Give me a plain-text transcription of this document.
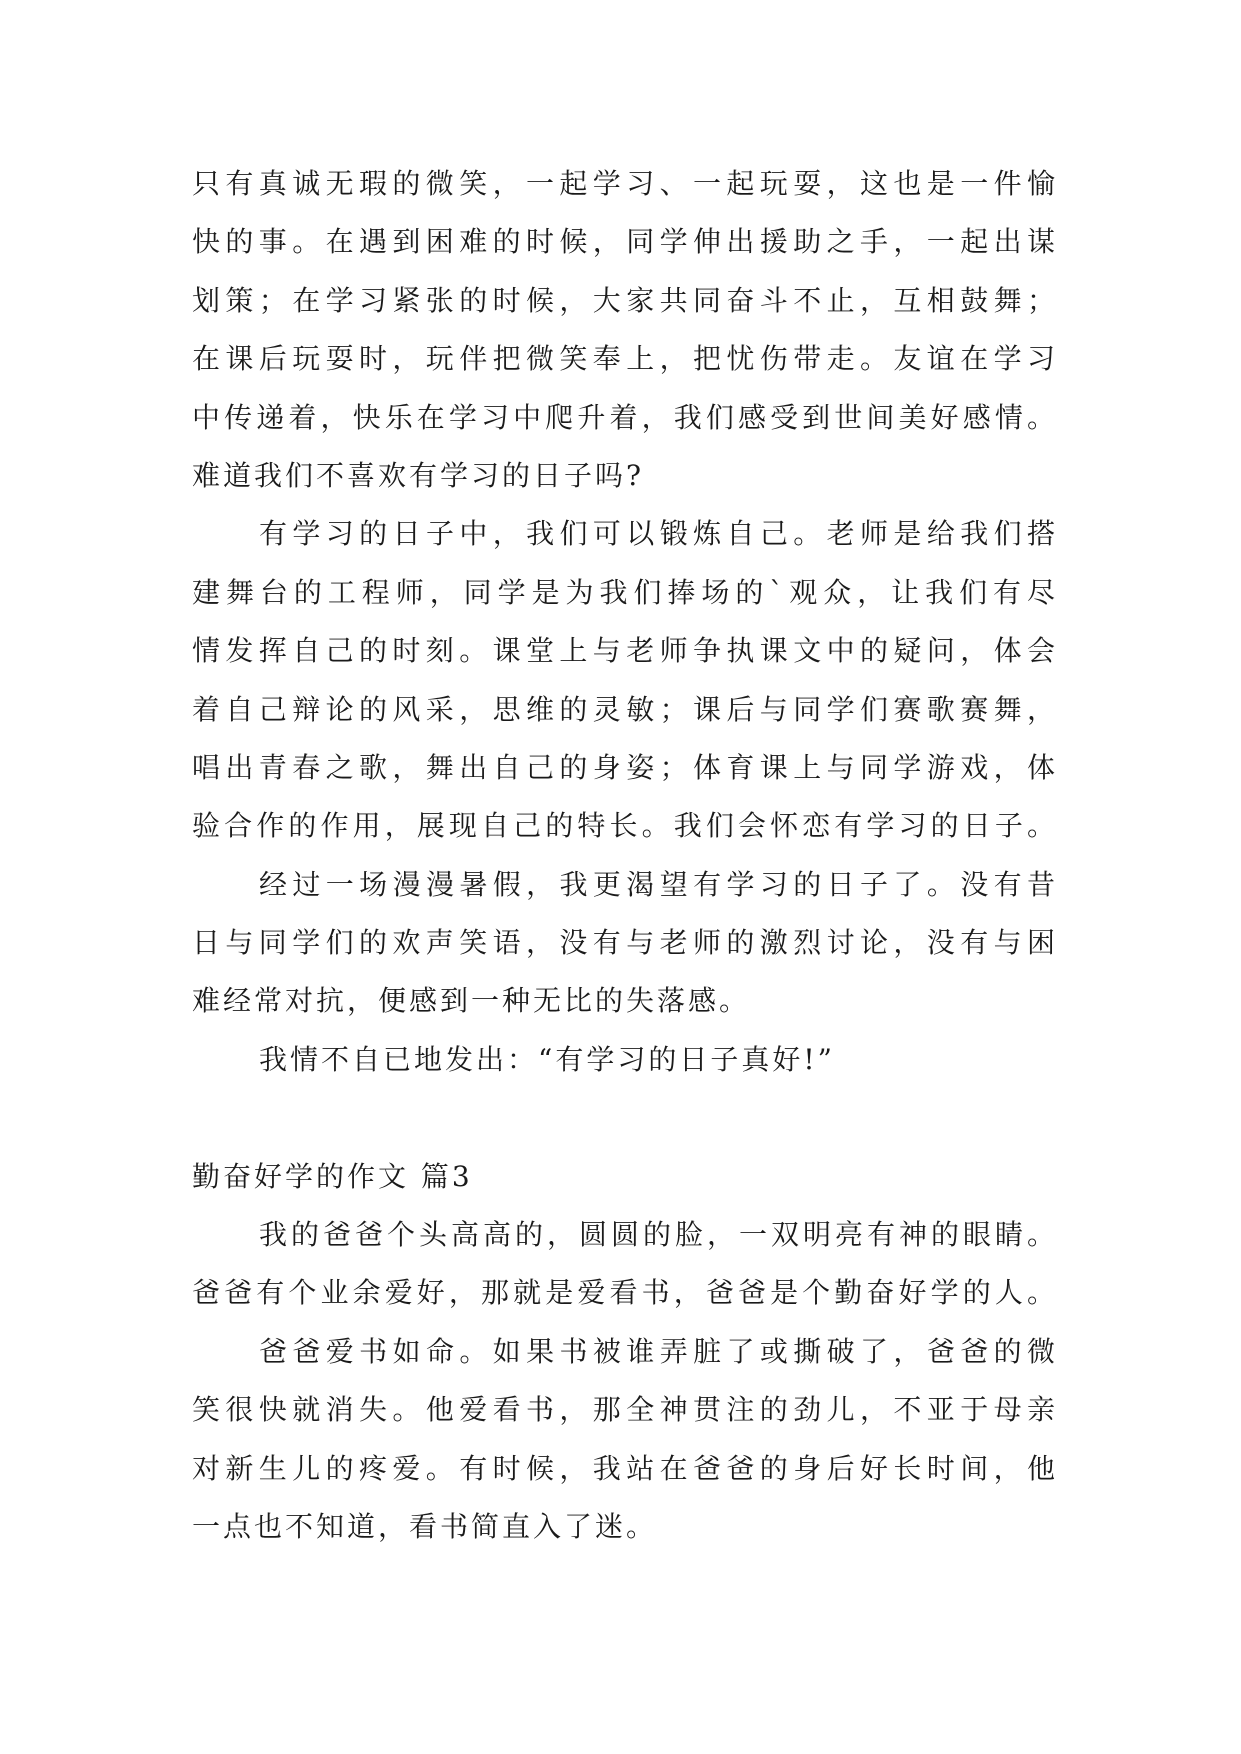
只有真诚无瑕的微笑，一起学习、一起玩耍，这也是一件愉
快的事。在遇到困难的时候，同学伸出援助之手，一起出谋
划策；在学习紧张的时候，大家共同奋斗不止，互相鼓舞；
在课后玩耍时，玩伴把微笑奉上，把忧伤带走。友谊在学习
中传递着，快乐在学习中爬升着，我们感受到世间美好感情。
难道我们不喜欢有学习的日子吗?
有学习的日子中，我们可以锻炼自己。老师是给我们搭
建舞台的工程师，同学是为我们捧场的`观众，让我们有尽
情发挥自己的时刻。课堂上与老师争执课文中的疑问，体会
着自己辩论的风采，思维的灵敏；课后与同学们赛歌赛舞，
唱出青春之歌，舞出自己的身姿；体育课上与同学游戏，体
验合作的作用，展现自己的特长。我们会怀恋有学习的日子。
经过一场漫漫暑假，我更渴望有学习的日子了。没有昔
日与同学们的欢声笑语，没有与老师的激烈讨论，没有与困
难经常对抗，便感到一种无比的失落感。
我情不自已地发出：“有学习的日子真好!”
勤奋好学的作文 篇3
我的爸爸个头高高的，圆圆的脸，一双明亮有神的眼睛。
爸爸有个业余爱好，那就是爱看书，爸爸是个勤奋好学的人。
爸爸爱书如命。如果书被谁弄脏了或撕破了，爸爸的微
笑很快就消失。他爱看书，那全神贯注的劲儿，不亚于母亲
对新生儿的疼爱。有时候，我站在爸爸的身后好长时间，他
一点也不知道，看书简直入了迷。
